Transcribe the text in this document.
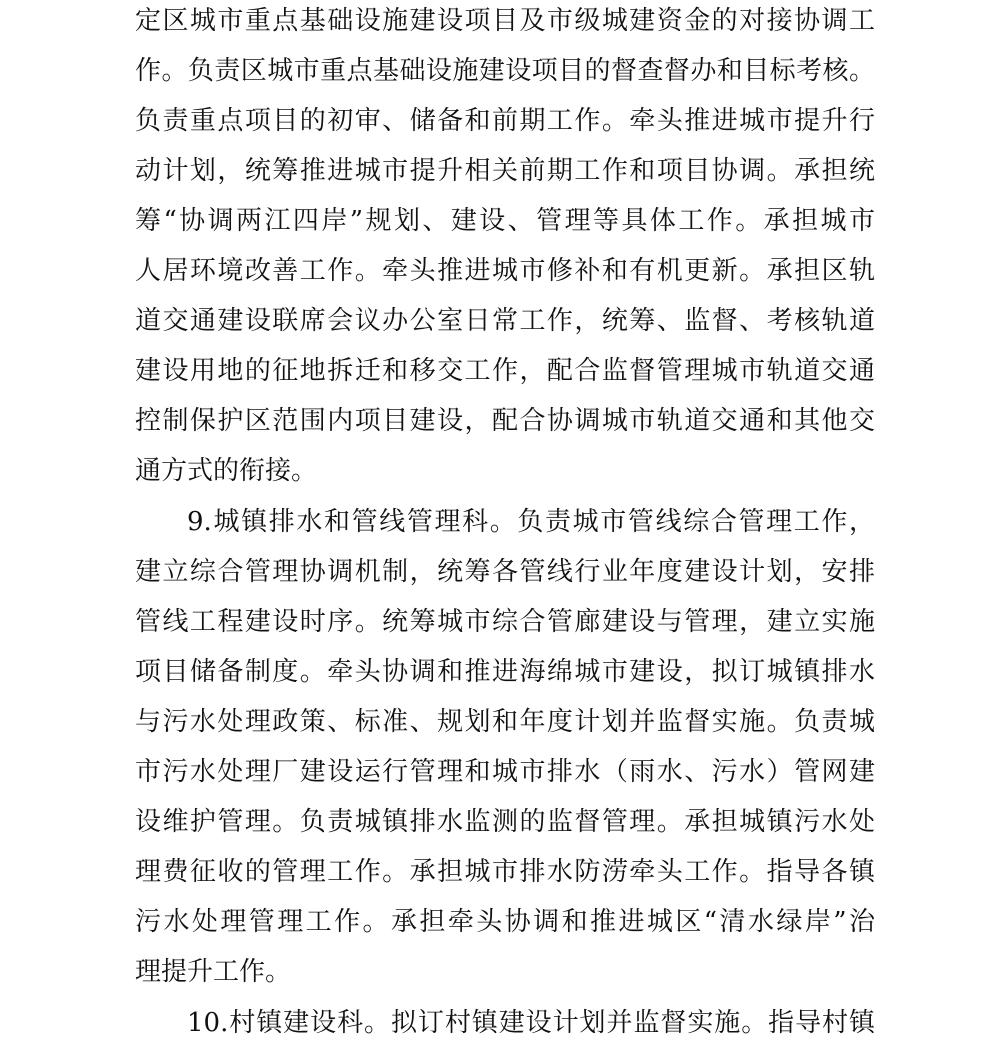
定区城市重点基础设施建设项目及市级城建资金的对接协调工
作。负责区城市重点基础设施建设项目的督查督办和目标考核。
负责重点项目的初审、储备和前期工作。牵头推进城市提升行
动计划，统筹推进城市提升相关前期工作和项目协调。承担统
筹“协调两江四岸”规划、建设、管理等具体工作。承担城市
人居环境改善工作。牵头推进城市修补和有机更新。承担区轨
道交通建设联席会议办公室日常工作，统筹、监督、考核轨道
建设用地的征地拆迁和移交工作，配合监督管理城市轨道交通
控制保护区范围内项目建设，配合协调城市轨道交通和其他交
通方式的衔接。
9.城镇排水和管线管理科。负责城市管线综合管理工作，
建立综合管理协调机制，统筹各管线行业年度建设计划，安排
管线工程建设时序。统筹城市综合管廊建设与管理，建立实施
项目储备制度。牵头协调和推进海绵城市建设，拟订城镇排水
与污水处理政策、标准、规划和年度计划并监督实施。负责城
市污水处理厂建设运行管理和城市排水（雨水、污水）管网建
设维护管理。负责城镇排水监测的监督管理。承担城镇污水处
理费征收的管理工作。承担城市排水防涝牵头工作。指导各镇
污水处理管理工作。承担牵头协调和推进城区“清水绿岸”治
理提升工作。
10.村镇建设科。拟订村镇建设计划并监督实施。指导村镇
